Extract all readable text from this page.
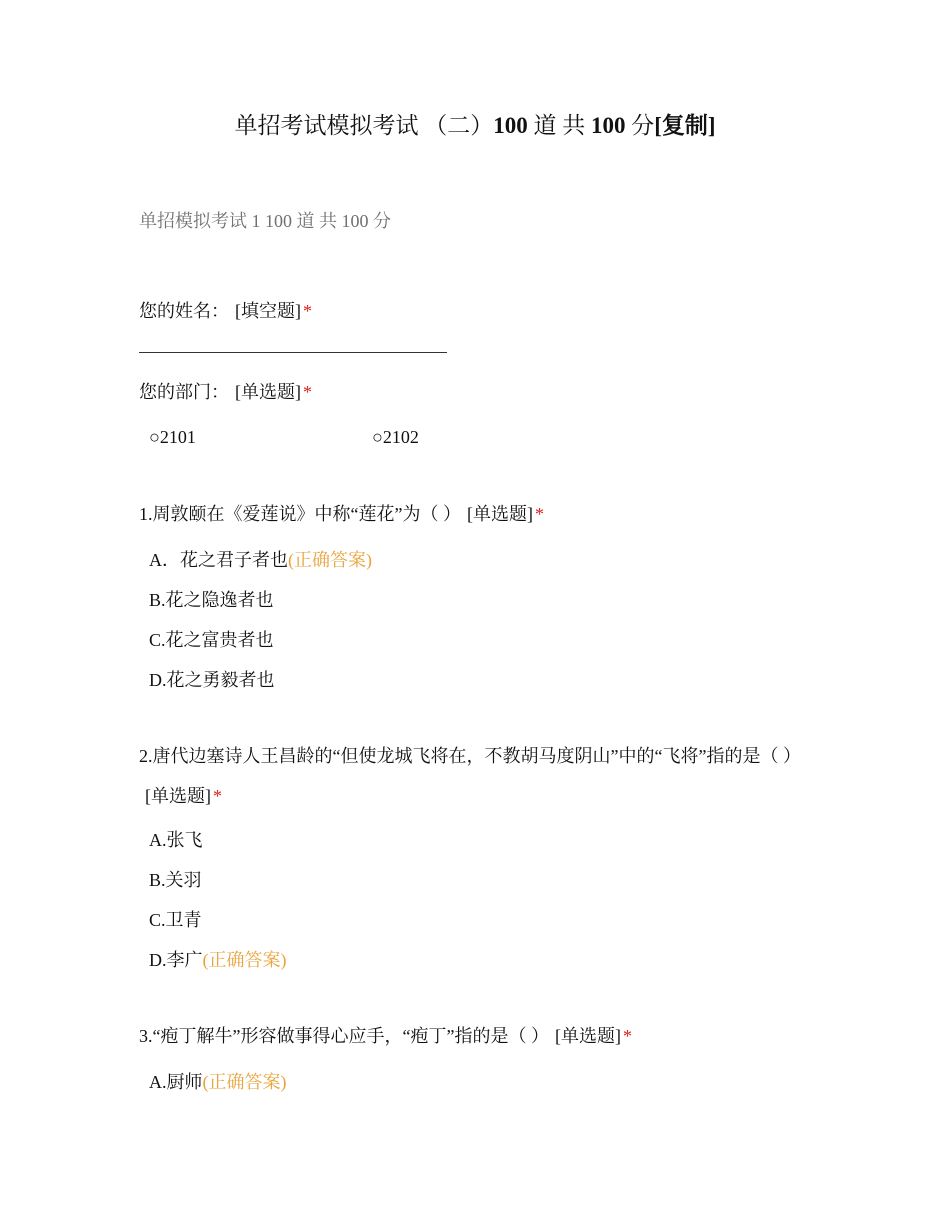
单招考试模拟考试 （二）100 道 共 100 分[复制]
单招模拟考试 1 100 道 共 100 分
您的姓名： [填空题] *
您的部门： [单选题] *
○2101	○2102
1.周敦颐在《爱莲说》中称“莲花”为（ ） [单选题] *
A．花之君子者也(正确答案)
B.花之隐逸者也
C.花之富贵者也
D.花之勇毅者也
2.唐代边塞诗人王昌龄的“但使龙城飞将在，不教胡马度阴山”中的“飞将”指的是（ ）[单选题] *
A.张飞
B.关羽
C.卫青
D.李广(正确答案)
3.“疱丁解牛”形容做事得心应手，“疱丁”指的是（ ） [单选题] *
A.厨师(正确答案)
